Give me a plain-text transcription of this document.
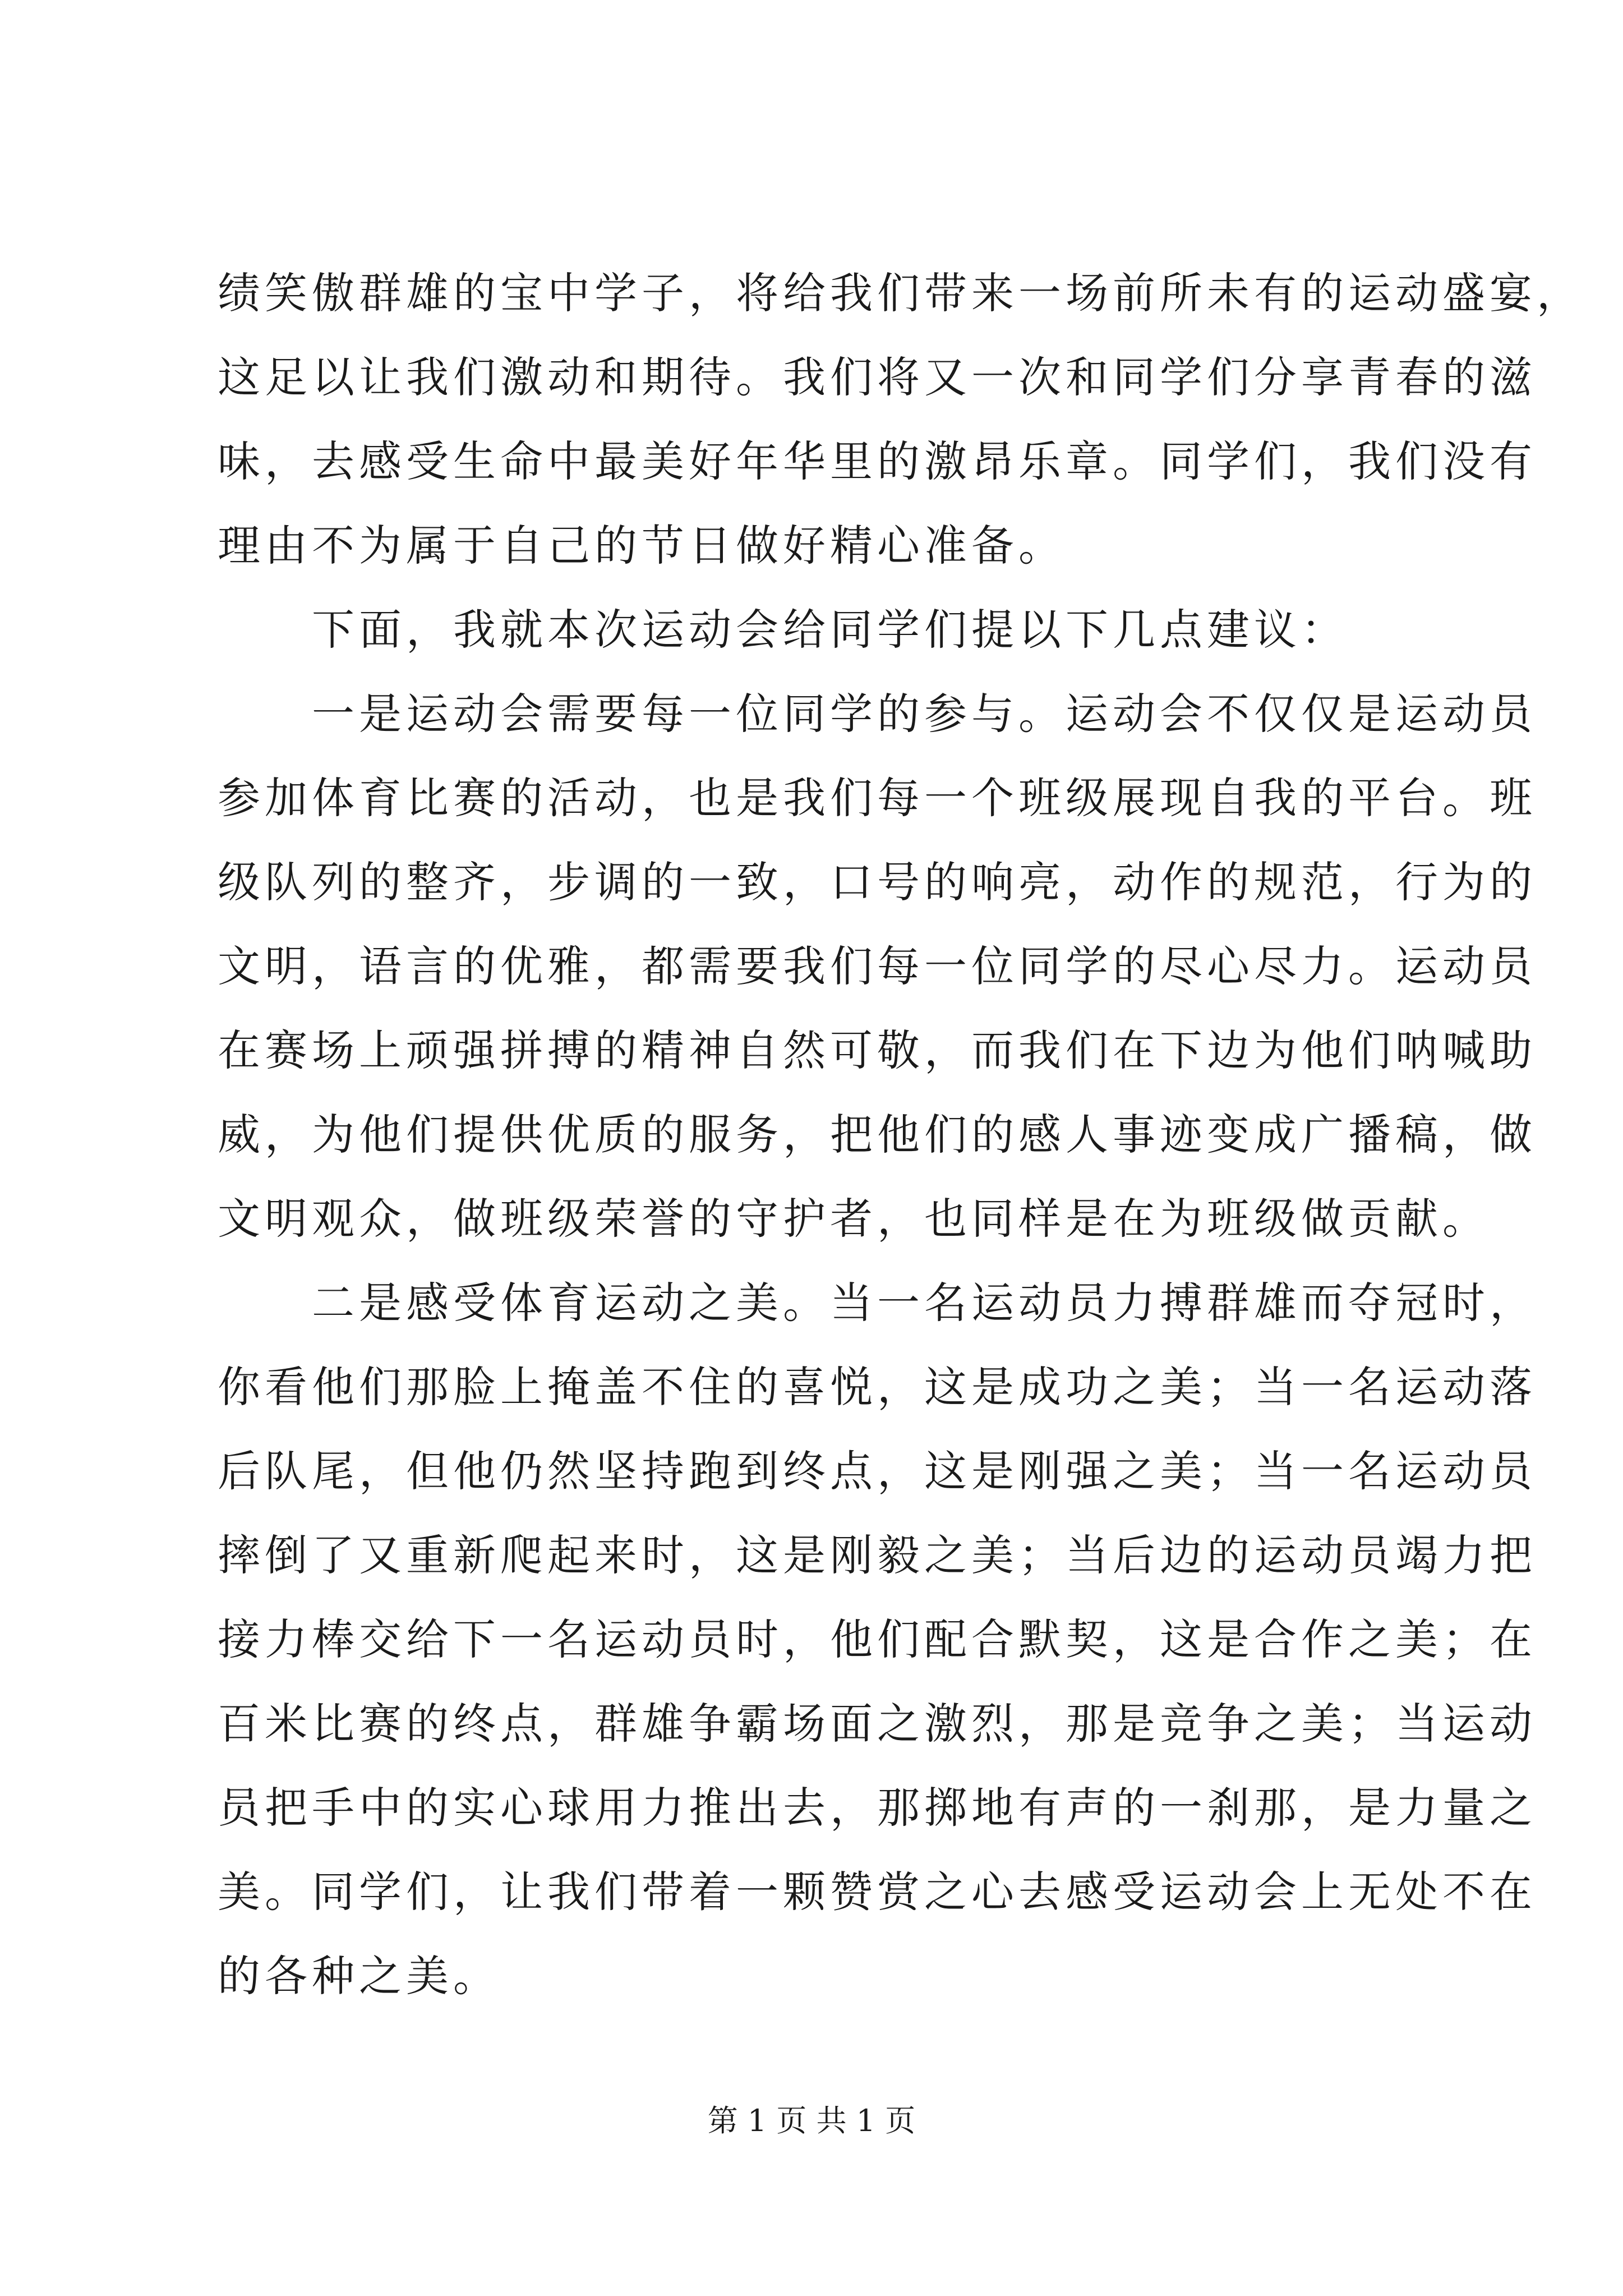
绩笑傲群雄的宝中学子，将给我们带来一场前所未有的运动盛宴，
这足以让我们激动和期待。我们将又一次和同学们分享青春的滋
味，去感受生命中最美好年华里的激昂乐章。同学们，我们没有
理由不为属于自己的节日做好精心准备。
下面，我就本次运动会给同学们提以下几点建议：
一是运动会需要每一位同学的参与。运动会不仅仅是运动员
参加体育比赛的活动，也是我们每一个班级展现自我的平台。班
级队列的整齐，步调的一致，口号的响亮，动作的规范，行为的
文明，语言的优雅，都需要我们每一位同学的尽心尽力。运动员
在赛场上顽强拼搏的精神自然可敬，而我们在下边为他们呐喊助
威，为他们提供优质的服务，把他们的感人事迹变成广播稿，做
文明观众，做班级荣誉的守护者，也同样是在为班级做贡献。
二是感受体育运动之美。当一名运动员力搏群雄而夺冠时，
你看他们那脸上掩盖不住的喜悦，这是成功之美；当一名运动落
后队尾，但他仍然坚持跑到终点，这是刚强之美；当一名运动员
摔倒了又重新爬起来时，这是刚毅之美；当后边的运动员竭力把
接力棒交给下一名运动员时，他们配合默契，这是合作之美；在
百米比赛的终点，群雄争霸场面之激烈，那是竞争之美；当运动
员把手中的实心球用力推出去，那掷地有声的一刹那，是力量之
美。同学们，让我们带着一颗赞赏之心去感受运动会上无处不在
的各种之美。
第 1 页 共 1 页
